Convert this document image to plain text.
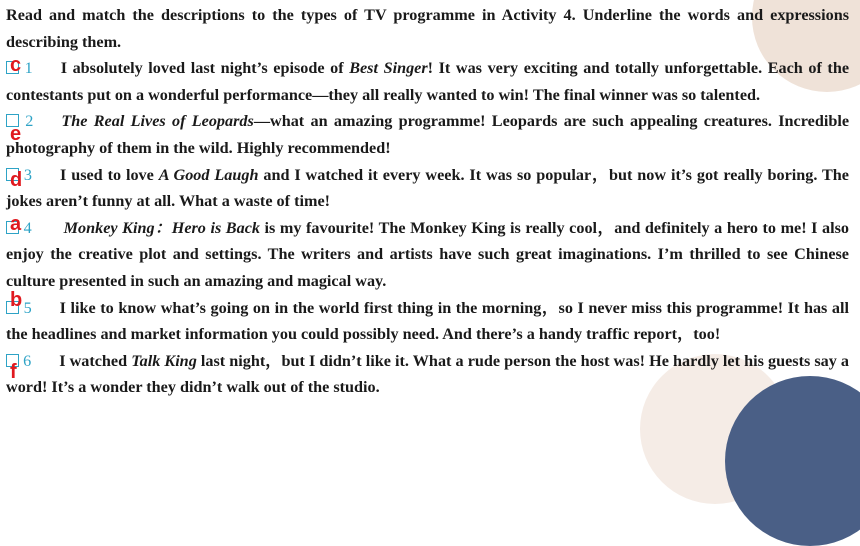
Read and match the descriptions to the types of TV programme in Activity 4. Underline the words and expressions describing them.

1 I absolutely loved last night’s episode of Best Singer! It was very exciting and totally unforgettable. Each of the contestants put on a wonderful performance—they all really wanted to win! The final winner was so talented.

2 The Real Lives of Leopards—what an amazing programme! Leopards are such appealing creatures. Incredible photography of them in the wild. Highly recommended!

3 I used to love A Good Laugh and I watched it every week. It was so popular，but now it’s got really boring. The jokes aren’t funny at all. What a waste of time!

4 Monkey King：Hero is Back is my favourite! The Monkey King is really cool，and definitely a hero to me! I also enjoy the creative plot and settings. The writers and artists have such great imaginations. I’m thrilled to see Chinese culture presented in such an amazing and magical way.

5 I like to know what’s going on in the world first thing in the morning，so I never miss this programme! It has all the headlines and market information you could possibly need. And there’s a handy traffic report，too!

6 I watched Talk King last night，but I didn’t like it. What a rude person the host was! He hardly let his guests say a word! It’s a wonder they didn’t walk out of the studio.

c
e
d
a
b
f
